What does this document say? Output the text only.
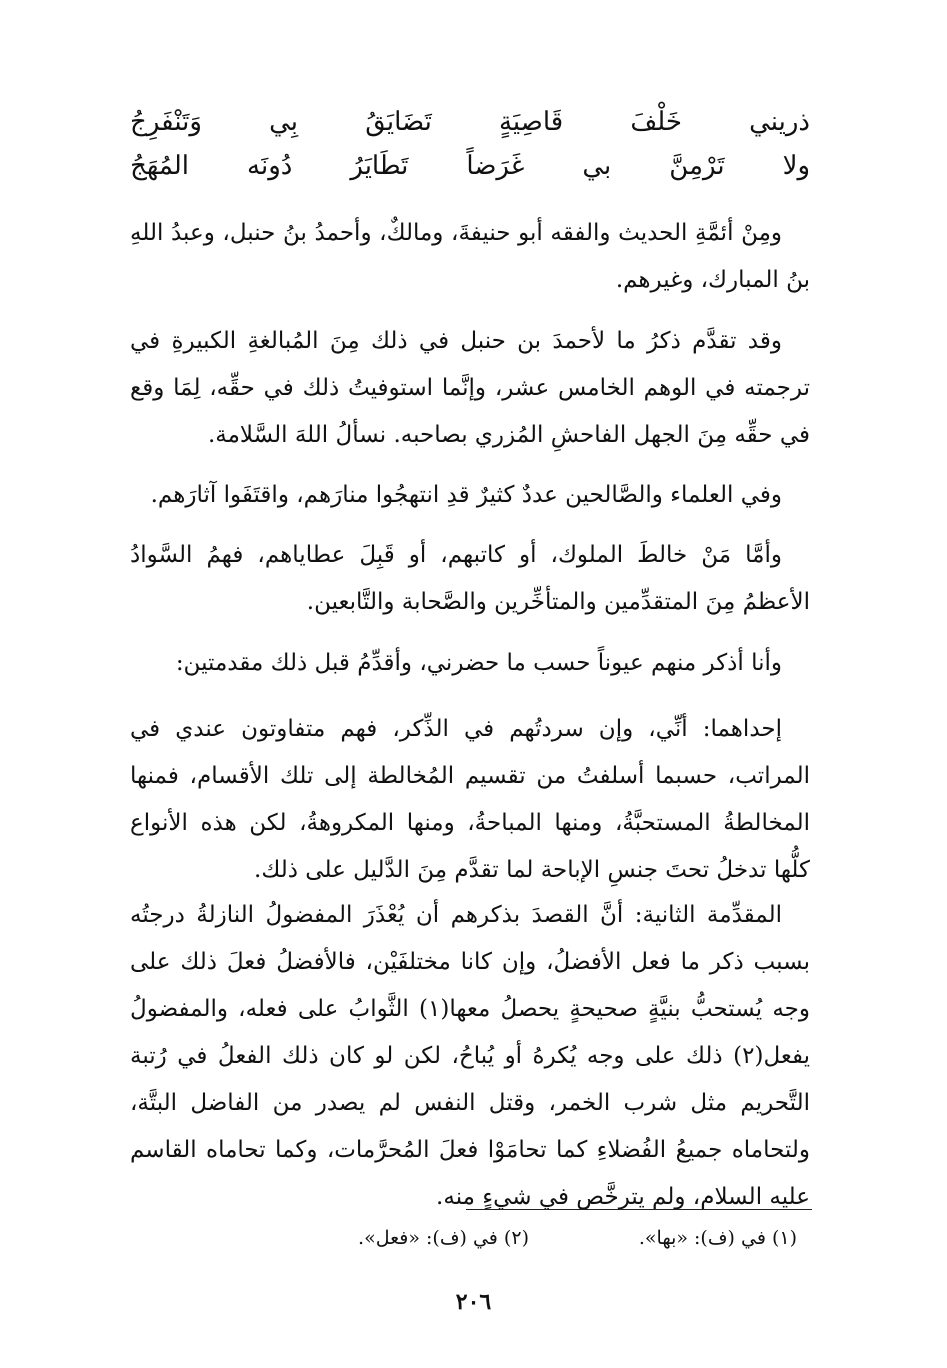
ذريني
خَلْفَ
قَاصِيَةٍ
تَضَايَقُ
بِي
وَتَنْفَرِجُ
ولا
تَرْمِنَّ
بي
غَرَضاً
تَطَايَرُ
دُونَه
المُهَجُ

ومِنْ أئمَّةِ الحديث والفقه أبو حنيفةَ، ومالكٌ، وأحمدُ بنُ حنبل، وعبدُ اللهِ بنُ المبارك، وغيرهم.

وقد تقدَّم ذكرُ ما لأحمدَ بن حنبل في ذلك مِنَ المُبالغةِ الكبيرةِ في ترجمته في الوهم الخامس عشر، وإنَّما استوفيتُ ذلك في حقِّه، لِمَا وقع في حقِّه مِنَ الجهل الفاحشِ المُزري بصاحبه. نسألُ اللهَ السَّلامة.

وفي العلماء والصَّالحين عددٌ كثيرٌ قدِ انتهجُوا منارَهم، واقتَفَوا آثارَهم.

وأمَّا مَنْ خالطَ الملوك، أو كاتبهم، أو قَبِلَ عطاياهم، فهمُ السَّوادُ الأعظمُ مِنَ المتقدِّمين والمتأخِّرين والصَّحابة والتَّابعين.

وأنا أذكر منهم عيوناً حسب ما حضرني، وأقدِّمُ قبل ذلك مقدمتين:

إحداهما: أنِّي، وإن سردتُهم في الذِّكر، فهم متفاوتون عندي في المراتب، حسبما أسلفتُ من تقسيم المُخالطة إلى تلك الأقسام، فمنها المخالطةُ المستحبَّةُ، ومنها المباحةُ، ومنها المكروهةُ، لكن هذه الأنواع كلُّها تدخلُ تحتَ جنسِ الإباحة لما تقدَّم مِنَ الدَّليل على ذلك.

المقدِّمة الثانية: أنَّ القصدَ بذكرهم أن يُعْذَرَ المفضولُ النازلةُ درجتُه بسبب ذكر ما فعل الأفضلُ، وإن كانا مختلفَيْن، فالأفضلُ فعلَ ذلك على وجه يُستحبُّ بنيَّةٍ صحيحةٍ يحصلُ معها(١) الثَّوابُ على فعله، والمفضولُ يفعل(٢) ذلك على وجه يُكرهُ أو يُباحُ، لكن لو كان ذلك الفعلُ في رُتبة التَّحريم مثل شرب الخمر، وقتل النفس لم يصدر من الفاضل البتَّة، ولتحاماه جميعُ الفُضلاءِ كما تحامَوْا فعلَ المُحرَّمات، وكما تحاماه القاسم عليه السلام، ولم يترخَّص في شيءٍ منه.

(١) في (ف): «بها».
(٢) في (ف): «فعل».
٢٠٦
